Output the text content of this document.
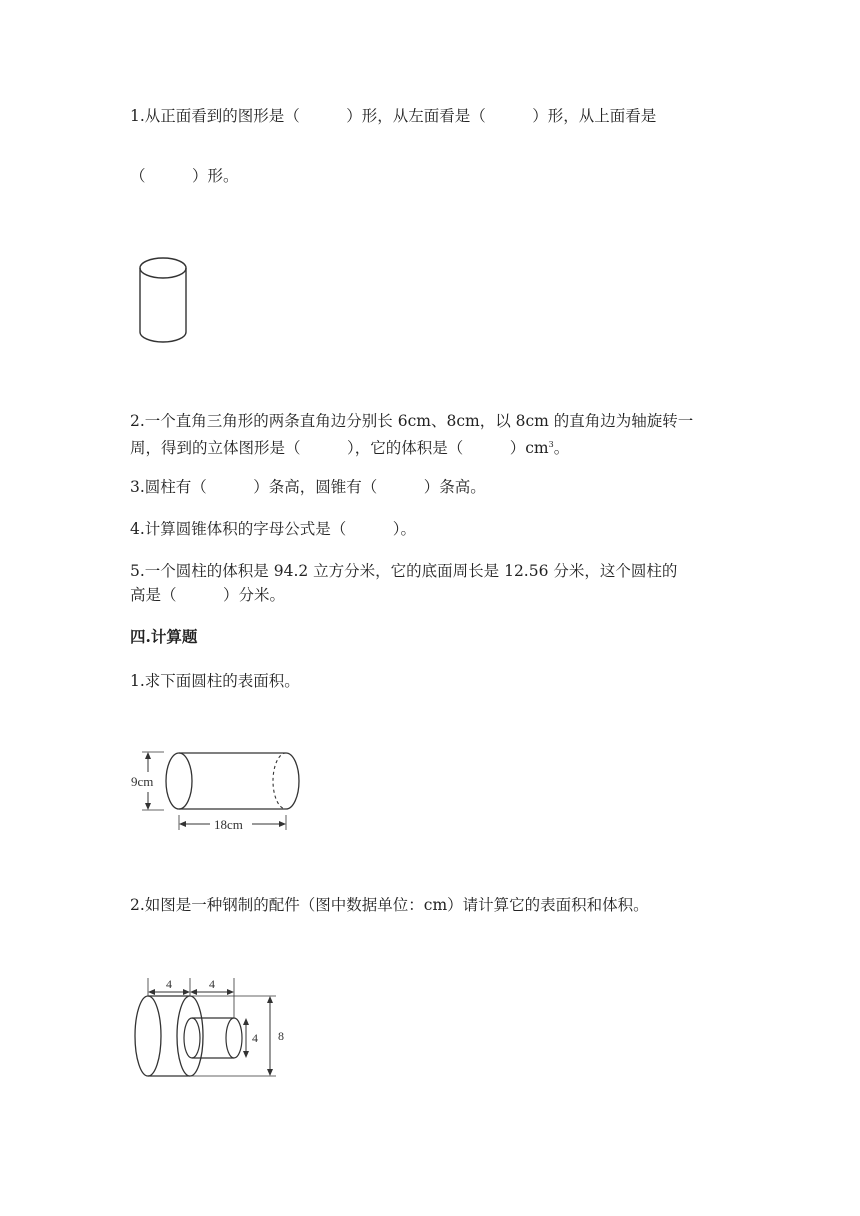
1.从正面看到的图形是（　　　）形，从左面看是（　　　）形，从上面看是
（　　　）形。
2.一个直角三角形的两条直角边分别长 6cm、8cm，以 8cm 的直角边为轴旋转一
周，得到的立体图形是（　　　），它的体积是（　　　）$cm^3$。
3.圆柱有（　　　）条高，圆锥有（　　　）条高。
4.计算圆锥体积的字母公式是（　　　）。
5.一个圆柱的体积是 94.2 立方分米，它的底面周长是 12.56 分米，这个圆柱的
高是（　　　）分米。
四.计算题
1.求下面圆柱的表面积。
9cm
18cm
2.如图是一种钢制的配件（图中数据单位：cm）请计算它的表面积和体积。
4	4
4 8
